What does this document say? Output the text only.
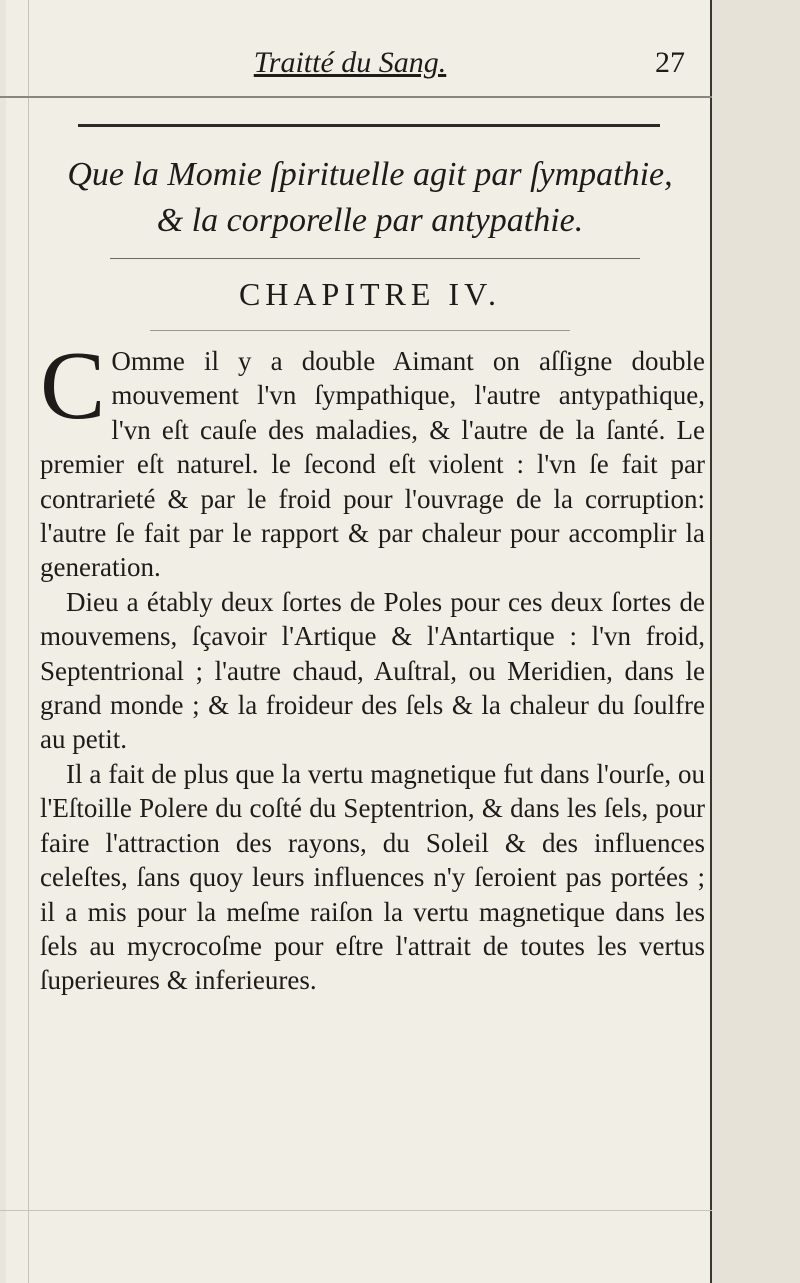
Traitté du Sang.	27
Que la Momie ſpirituelle agit par ſympathie,
& la corporelle par antypathie.
CHAPITRE IV.

C Omme il y a double Aimant on aſſigne double mouvement l'vn ſympathique, l'autre antypathique, l'vn eſt cauſe des maladies, & l'autre de la ſanté. Le premier eſt naturel. le ſecond eſt violent : l'vn ſe fait par contrarieté & par le froid pour l'ouvrage de la corruption: l'autre ſe fait par le rapport & par chaleur pour accomplir la generation.

Dieu a étably deux ſortes de Poles pour ces deux ſortes de mouvemens, ſçavoir l'Artique & l'Antartique : l'vn froid, Septentrional ; l'autre chaud, Auſtral, ou Meridien, dans le grand monde ; & la froideur des ſels & la chaleur du ſoulfre au petit.

Il a fait de plus que la vertu magnetique fut dans l'ourſe, ou l'Eſtoille Polere du coſté du Septentrion, & dans les ſels, pour faire l'attraction des rayons, du Soleil & des influences celeſtes, ſans quoy leurs influences n'y ſeroient pas portées ; il a mis pour la meſme raiſon la vertu magnetique dans les ſels au mycrocoſme pour eſtre l'attrait de toutes les vertus ſuperieures & inferieures.
